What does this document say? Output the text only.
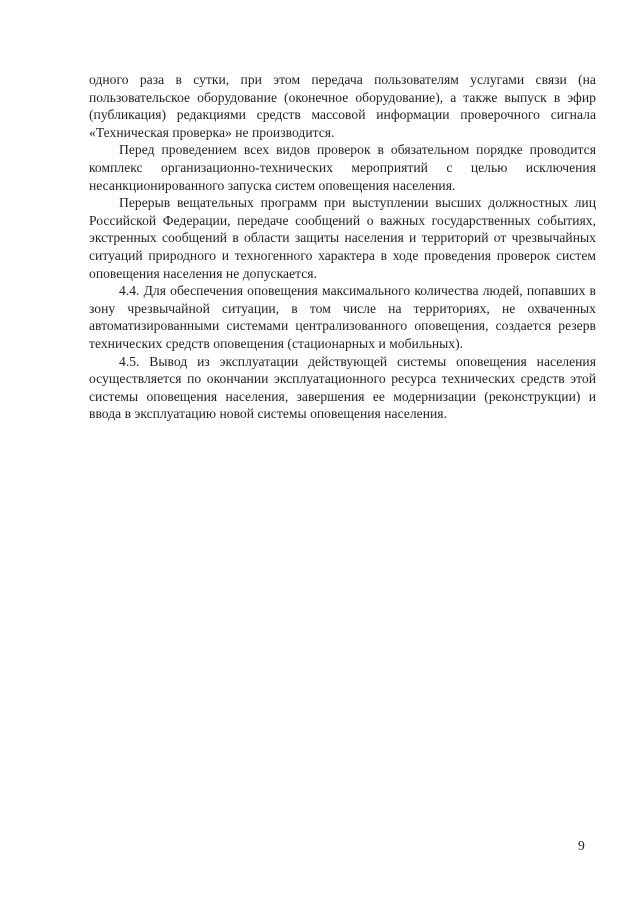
одного раза в сутки, при этом передача пользователям услугами связи (на пользовательское оборудование (оконечное оборудование), а также выпуск в эфир (публикация) редакциями средств массовой информации проверочного сигнала «Техническая проверка» не производится.

Перед проведением всех видов проверок в обязательном порядке проводится комплекс организационно-технических мероприятий с целью исключения несанкционированного запуска систем оповещения населения.

Перерыв вещательных программ при выступлении высших должностных лиц Российской Федерации, передаче сообщений о важных государственных событиях, экстренных сообщений в области защиты населения и территорий от чрезвычайных ситуаций природного и техногенного характера в ходе проведения проверок систем оповещения населения не допускается.

4.4. Для обеспечения оповещения максимального количества людей, попавших в зону чрезвычайной ситуации, в том числе на территориях, не охваченных автоматизированными системами централизованного оповещения, создается резерв технических средств оповещения (стационарных и мобильных).

4.5. Вывод из эксплуатации действующей системы оповещения населения осуществляется по окончании эксплуатационного ресурса технических средств этой системы оповещения населения, завершения ее модернизации (реконструкции) и ввода в эксплуатацию новой системы оповещения населения.

9
